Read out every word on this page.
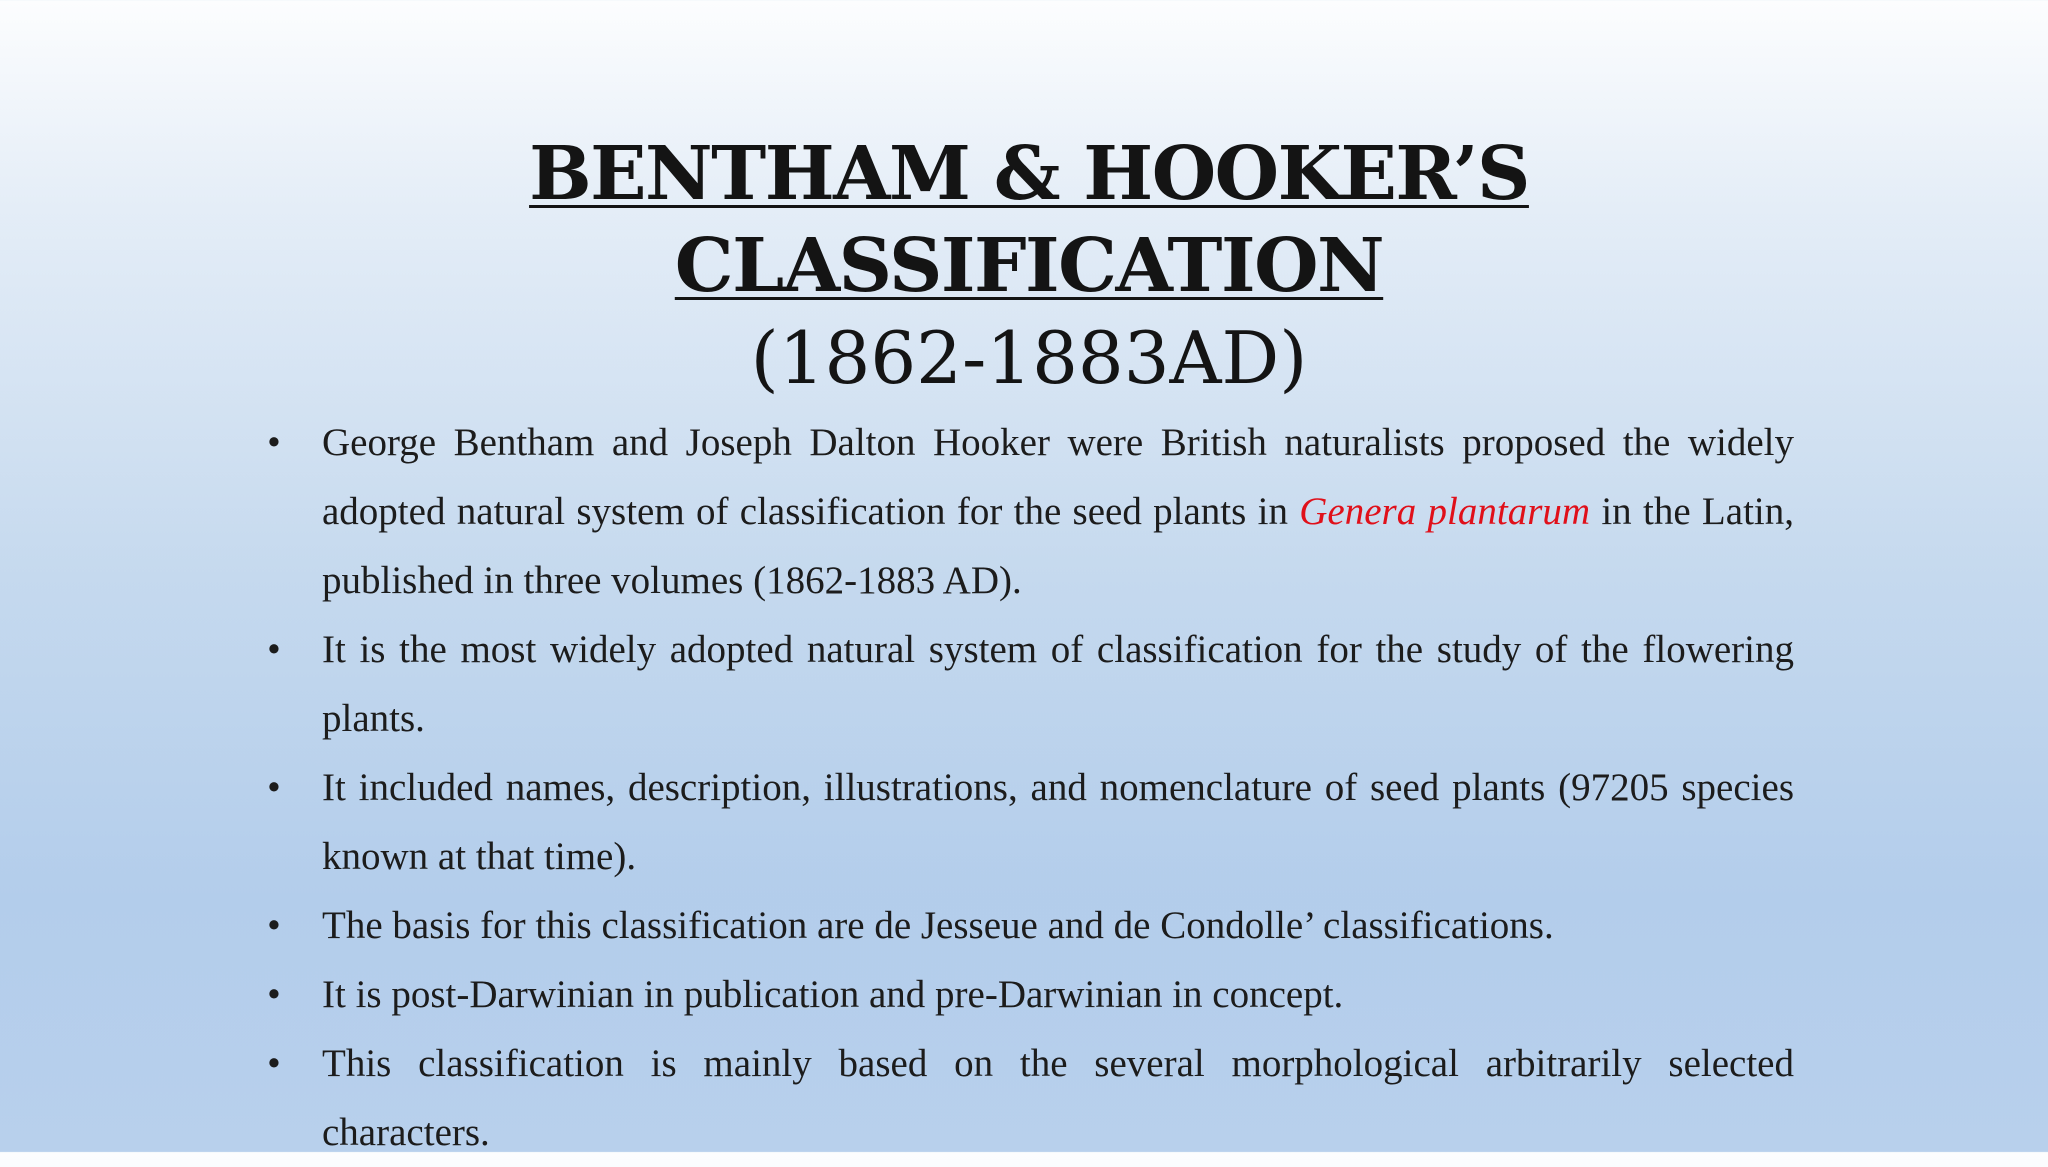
BENTHAM & HOOKER’S
CLASSIFICATION
(1862-1883AD)
• George Bentham and Joseph Dalton Hooker were British naturalists proposed the widely adopted natural system of classification for the seed plants in Genera plantarum in the Latin, published in three volumes (1862-1883 AD).
• It is the most widely adopted natural system of classification for the study of the flowering plants.
• It included names, description, illustrations, and nomenclature of seed plants (97205 species known at that time).
• The basis for this classification are de Jesseue and de Condolle’ classifications.
• It is post-Darwinian in publication and pre-Darwinian in concept.
• This classification is mainly based on the several morphological arbitrarily selected characters.
